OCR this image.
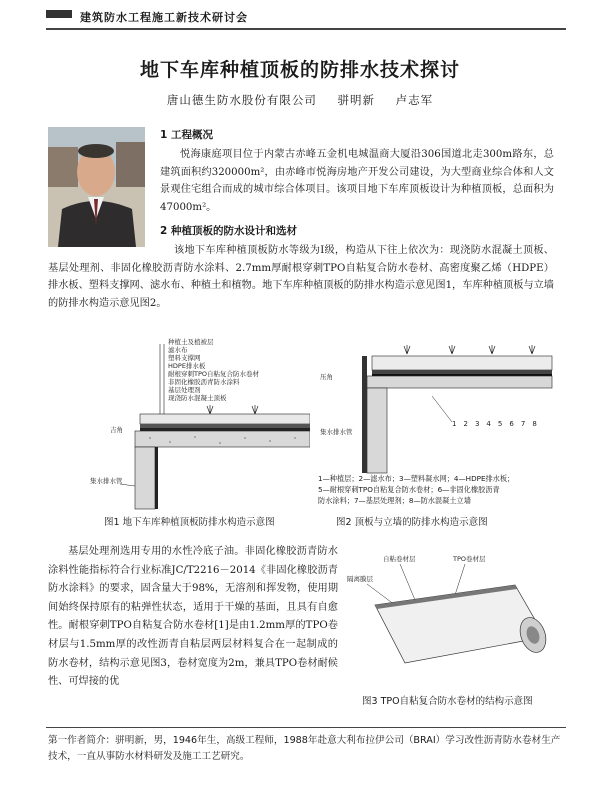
建筑防水工程施工新技术研讨会
地下车库种植顶板的防排水技术探讨
唐山德生防水股份有限公司 骈明新 卢志军
1 工程概况

悦海康庭项目位于内蒙古赤峰五金机电城温商大厦沿306国道北走300m路东，总建筑面积约320000m²，由赤峰市悦海房地产开发公司建设，为大型商业综合体和人文景观住宅组合而成的城市综合体项目。该项目地下车库顶板设计为种植顶板，总面积为47000m²。

2 种植顶板的防水设计和选材

该地下车库种植顶板防水等级为Ⅰ级，构造从下往上依次为：现浇防水混凝土顶板、基层处理剂、非固化橡胶沥青防水涂料、2.7mm厚耐根穿刺TPO自粘复合防水卷材、高密度聚乙烯（HDPE）排水板、塑料支撑网、滤水布、种植土和植物。地下车库种植顶板的防排水构造示意见图1，车库种植顶板与立墙的防排水构造示意见图2。

种植土及植被层
滤水布
塑料支撑网
HDPE排水板
耐根穿刺TPO自粘复合防水卷材
非固化橡胶沥青防水涂料
基层处理剂
现浇防水混凝土顶板
吉角
集水排水管
图1 地下车库种植顶板防排水构造示意图
压角
集水排水管
1 2 3 4 5 6 7 8
1—种植层；2—滤水布；3—塑料凝水网；4—HDPE排水板；
5—耐根穿刺TPO自粘复合防水卷材；6—非固化橡胶沥青
防水涂料；7—基层处理剂；8—防水混凝土立墙
图2 顶板与立墙的防排水构造示意图

基层处理剂选用专用的水性冷底子油。非固化橡胶沥青防水涂料性能指标符合行业标准JC/T2216－2014《非固化橡胶沥青防水涂料》的要求，固含量大于98%，无溶剂和挥发物，使用期间始终保持原有的粘弹性状态，适用于干燥的基面，且具有自愈性。耐根穿刺TPO自粘复合防水卷材[1]是由1.2mm厚的TPO卷材层与1.5mm厚的改性沥青自粘层两层材料复合在一起制成的防水卷材，结构示意见图3，卷材宽度为2m，兼具TPO卷材耐候性、可焊接的优

自粘卷材层	TPO卷材层
隔离膜层
图3 TPO自粘复合防水卷材的结构示意图
第一作者简介：骈明新，男，1946年生，高级工程师，1988年赴意大利布拉伊公司（BRAI）学习改性沥青防水卷材生产技术，一直从事防水材料研发及施工工艺研究。
